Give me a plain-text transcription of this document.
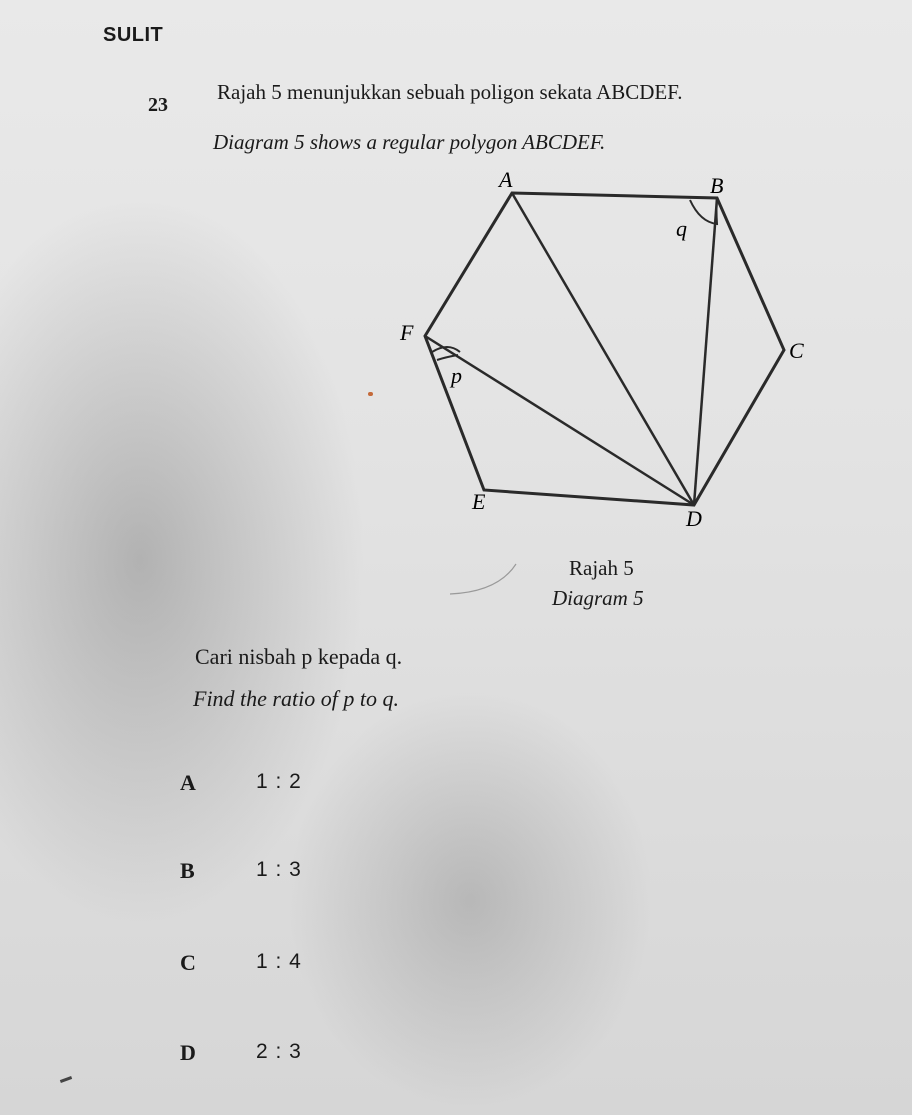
SULIT
23
Rajah 5 menunjukkan sebuah poligon sekata ABCDEF.
Diagram 5 shows a regular polygon ABCDEF.
A	B
C
D
E
F
q
p
Rajah 5
Diagram 5
Cari nisbah p kepada q.
Find the ratio of p to q.
A	1 : 2
B	1 : 3
C	1 : 4
D	2 : 3
